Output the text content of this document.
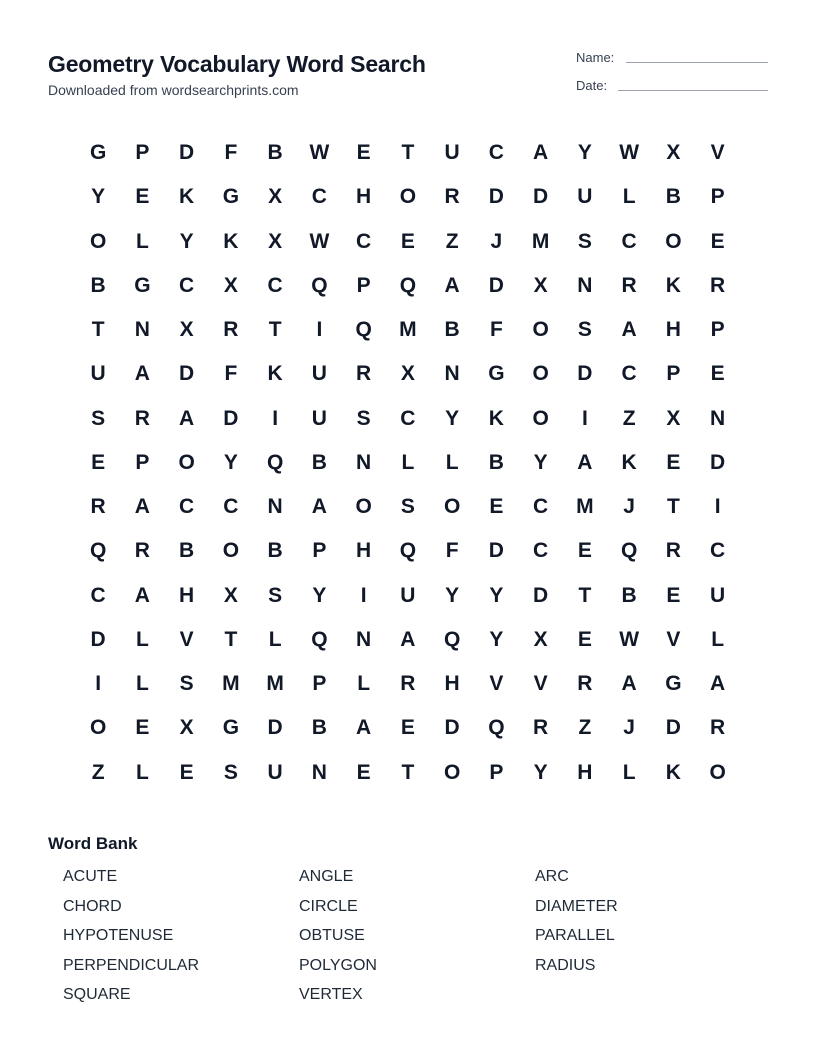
Geometry Vocabulary Word Search
Downloaded from wordsearchprints.com
Name:
Date:
G	P	D	F	B	W	E	T	U	C	A	Y	W	X	V
Y	E	K	G	X	C	H	O	R	D	D	U	L	B	P
O	L	Y	K	X	W	C	E	Z	J	M	S	C	O	E
B	G	C	X	C	Q	P	Q	A	D	X	N	R	K	R
T	N	X	R	T	I	Q	M	B	F	O	S	A	H	P
U	A	D	F	K	U	R	X	N	G	O	D	C	P	E
S	R	A	D	I	U	S	C	Y	K	O	I	Z	X	N
E	P	O	Y	Q	B	N	L	L	B	Y	A	K	E	D
R	A	C	C	N	A	O	S	O	E	C	M	J	T	I
Q	R	B	O	B	P	H	Q	F	D	C	E	Q	R	C
C	A	H	X	S	Y	I	U	Y	Y	D	T	B	E	U
D	L	V	T	L	Q	N	A	Q	Y	X	E	W	V	L
I	L	S	M	M	P	L	R	H	V	V	R	A	G	A
O	E	X	G	D	B	A	E	D	Q	R	Z	J	D	R
Z	L	E	S	U	N	E	T	O	P	Y	H	L	K	O
Word Bank
ACUTE	ANGLE	ARC
CHORD	CIRCLE	DIAMETER
HYPOTENUSE	OBTUSE	PARALLEL
PERPENDICULAR	POLYGON	RADIUS
SQUARE	VERTEX
